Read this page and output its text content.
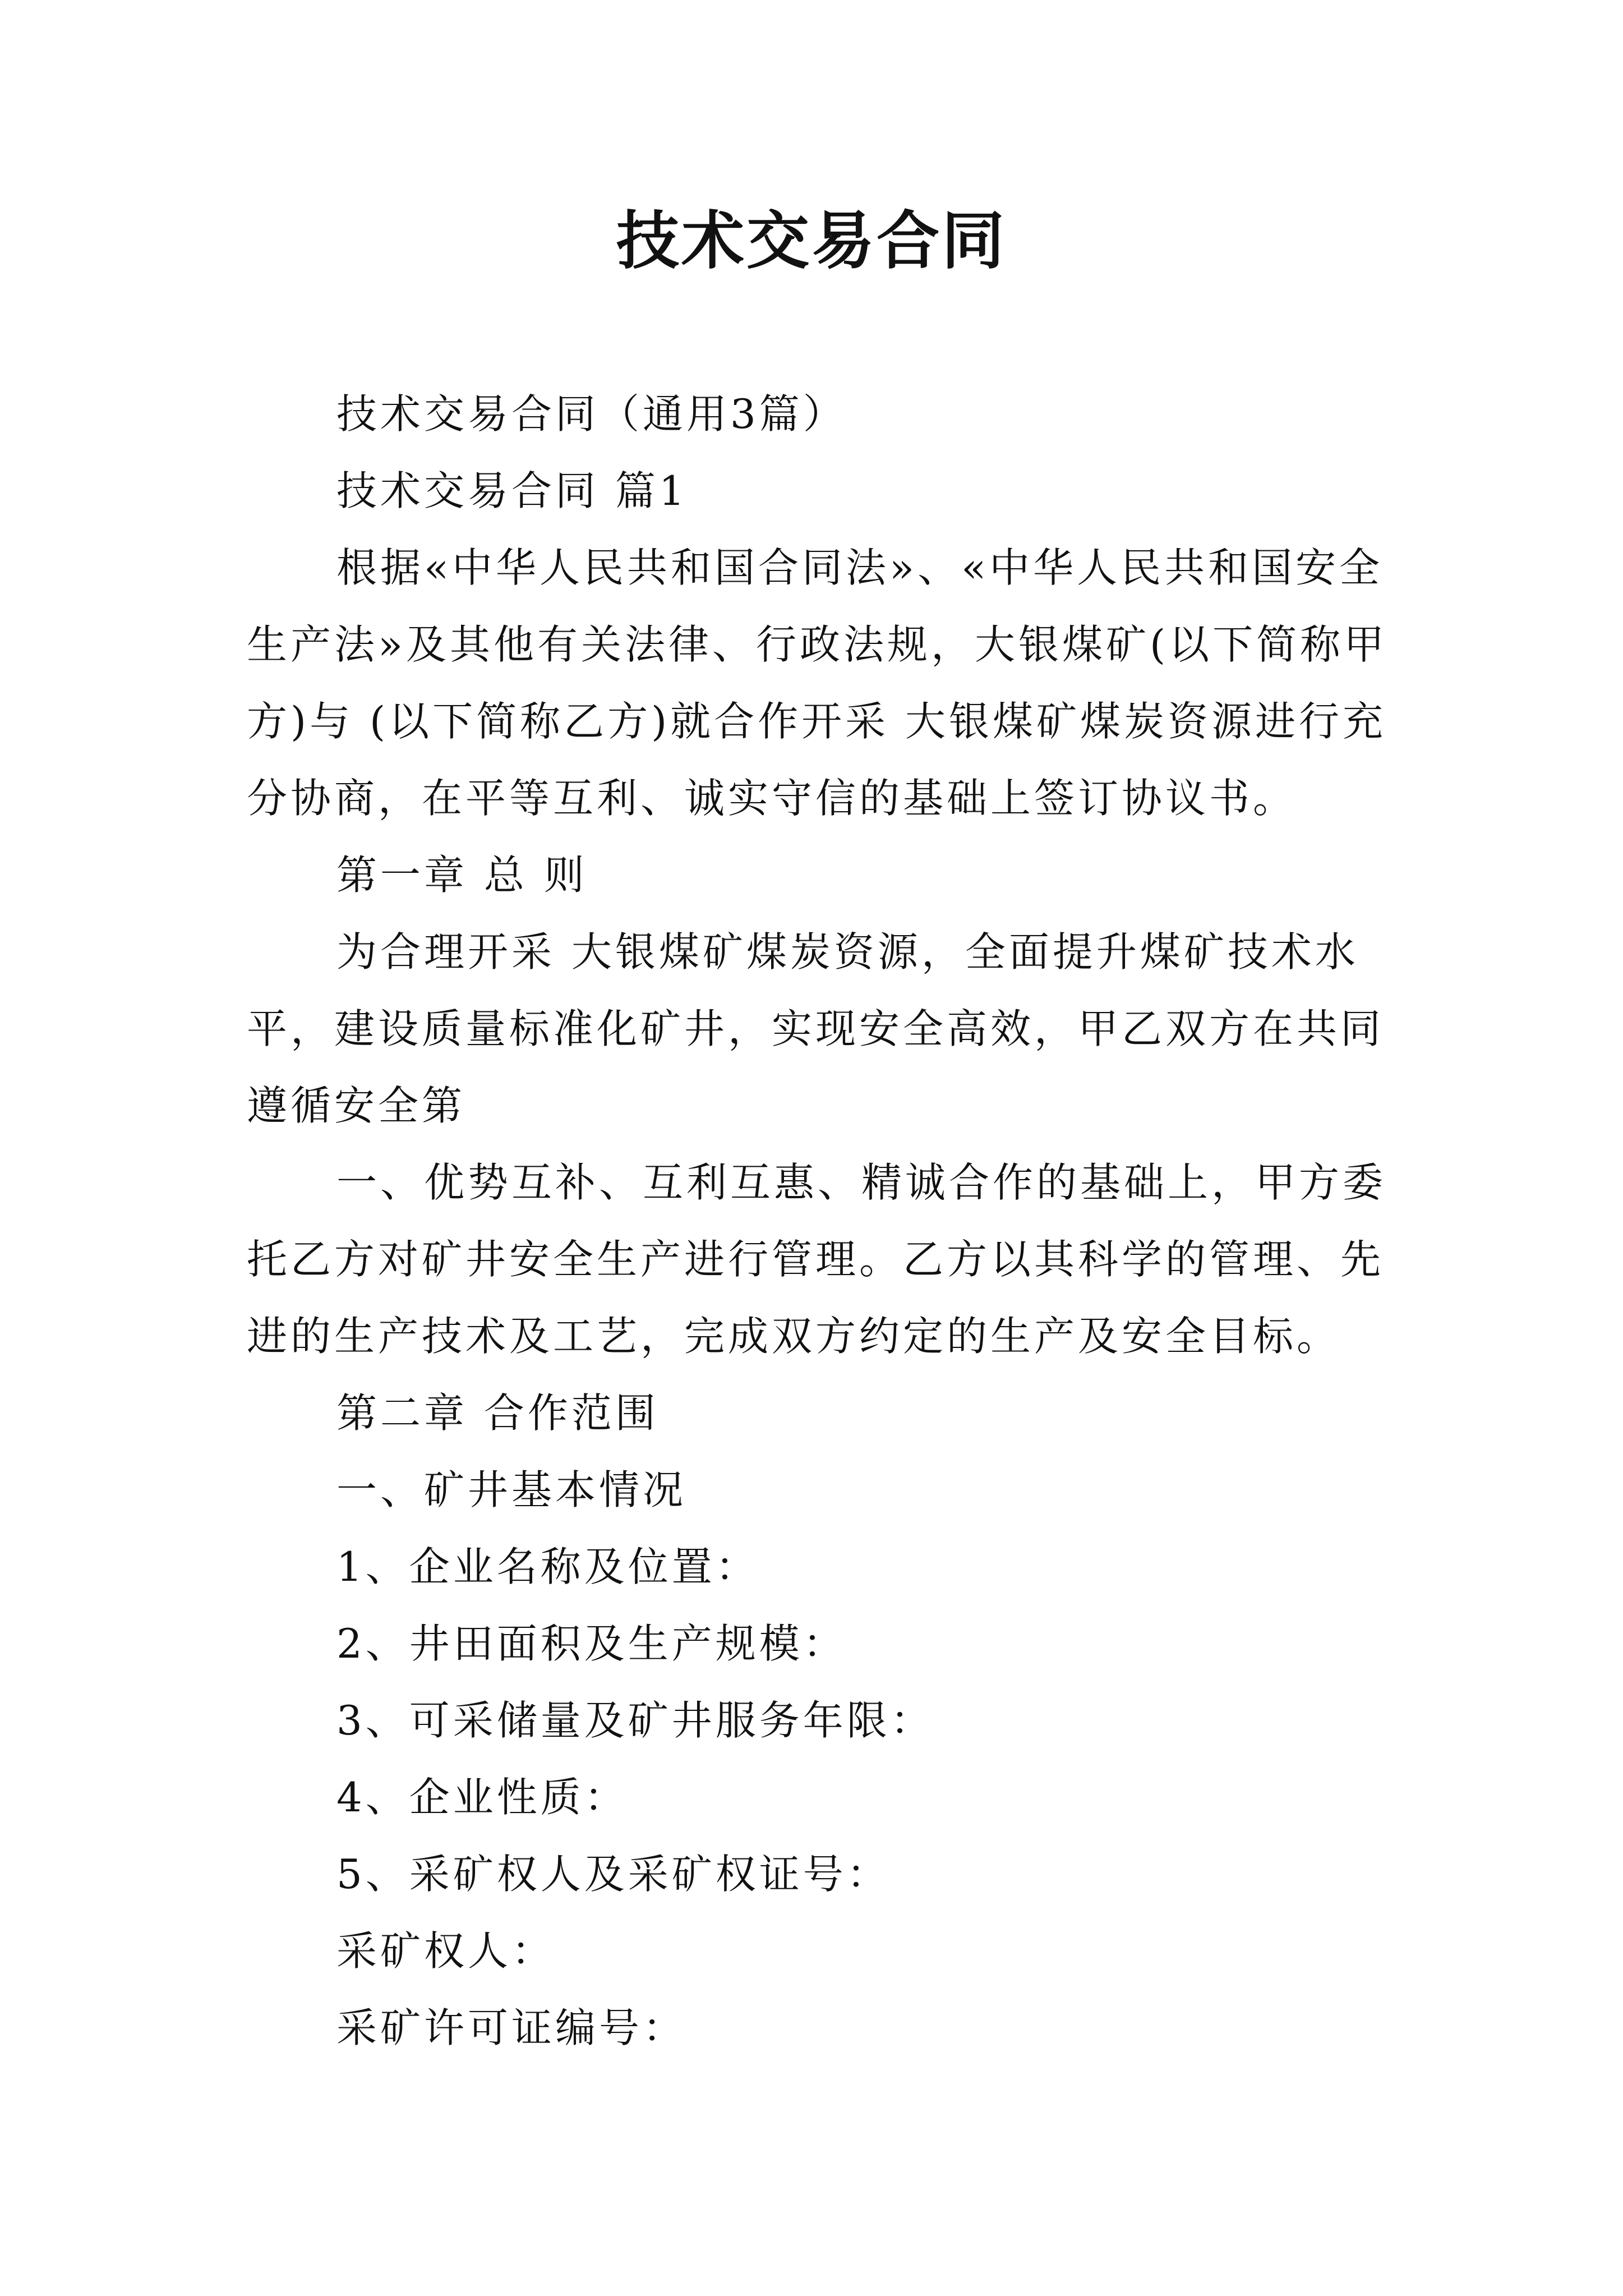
技术交易合同

技术交易合同（通用3篇）

技术交易合同 篇1

根据«中华人民共和国合同法»、«中华人民共和国安全生产法»及其他有关法律、行政法规，大银煤矿(以下简称甲方)与 (以下简称乙方)就合作开采 大银煤矿煤炭资源进行充分协商，在平等互利、诚实守信的基础上签订协议书。

第一章 总 则

为合理开采 大银煤矿煤炭资源，全面提升煤矿技术水平，建设质量标准化矿井，实现安全高效，甲乙双方在共同遵循安全第

一、优势互补、互利互惠、精诚合作的基础上，甲方委托乙方对矿井安全生产进行管理。乙方以其科学的管理、先进的生产技术及工艺，完成双方约定的生产及安全目标。

第二章 合作范围

一、矿井基本情况

1、企业名称及位置：

2、井田面积及生产规模：

3、可采储量及矿井服务年限：

4、企业性质：

5、采矿权人及采矿权证号：

采矿权人：

采矿许可证编号：
